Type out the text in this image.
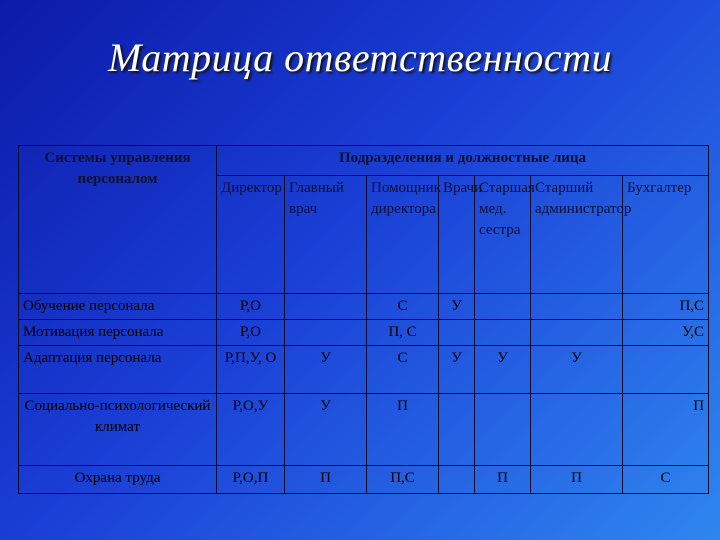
Матрица ответственности
Системы управления персоналом	Подразделения и должностные лица						
	Директор	Главный врач	Помощник директора	Врачи	Старшая мед. сестра	Старший администратор	Бухгалтер
Обучение персонала	Р,О		С	У			П,С
Мотивация персонала	Р,О		П, С				У,С
Адаптация персонала	Р,П,У, О	У	С	У	У	У	
Социально-психологический климат	Р,О,У	У	П				П
Охрана труда	Р,О,П	П	П,С		П	П	С
